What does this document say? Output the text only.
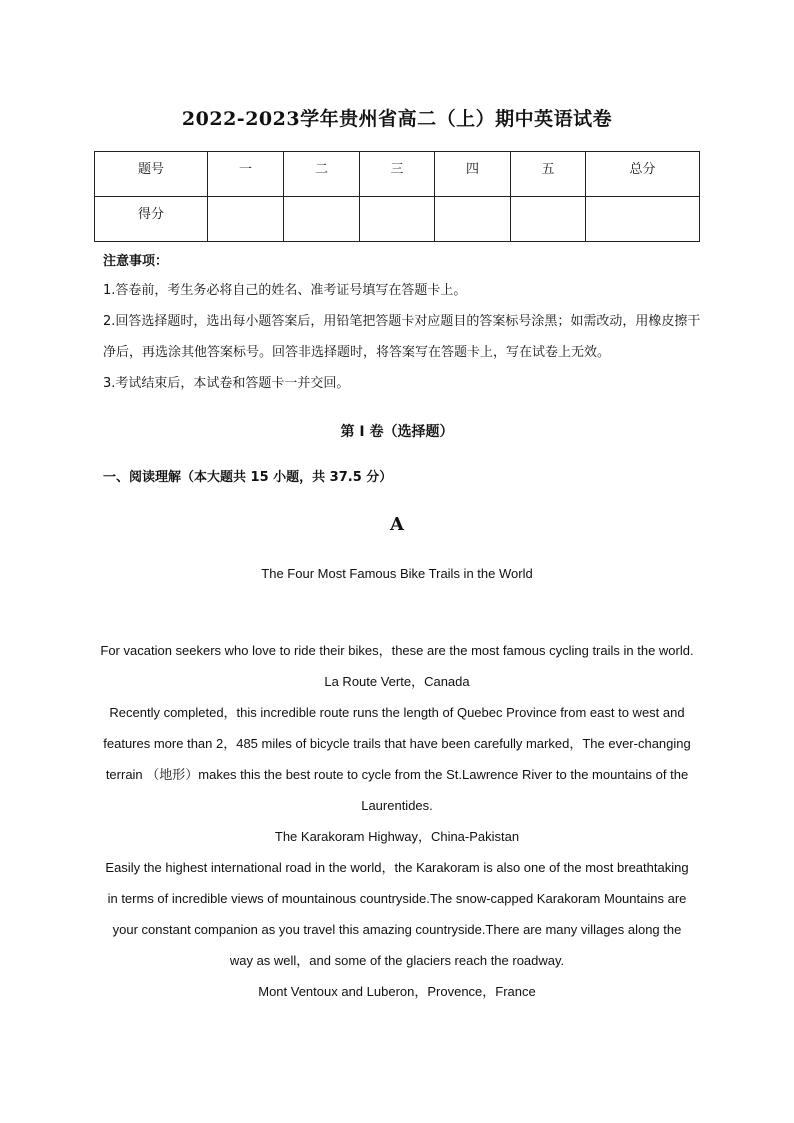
2022-2023学年贵州省高二（上）期中英语试卷
题号	一	二	三	四	五	总分
得分						
注意事项：
1.答卷前，考生务必将自己的姓名、准考证号填写在答题卡上。
2.回答选择题时，选出每小题答案后，用铅笔把答题卡对应题目的答案标号涂黑；如需改动，用橡皮擦干净后，再选涂其他答案标号。回答非选择题时，将答案写在答题卡上，写在试卷上无效。
3.考试结束后，本试卷和答题卡一并交回。
第 I 卷（选择题）
一、阅读理解（本大题共 15 小题，共 37.5 分）
A
The Four Most Famous Bike Trails in the World

For vacation seekers who love to ride their bikes，these are the most famous cycling trails in the world.

La Route Verte，Canada

Recently completed，this incredible route runs the length of Quebec Province from east to west and features more than 2，485 miles of bicycle trails that have been carefully marked，The ever-changing terrain （地形）makes this the best route to cycle from the St.Lawrence River to the mountains of the Laurentides.

The Karakoram Highway，China-Pakistan

Easily the highest international road in the world，the Karakoram is also one of the most breathtaking in terms of incredible views of mountainous countryside.The snow-capped Karakoram Mountains are your constant companion as you travel this amazing countryside.There are many villages along the way as well，and some of the glaciers reach the roadway.

Mont Ventoux and Luberon，Provence，France
